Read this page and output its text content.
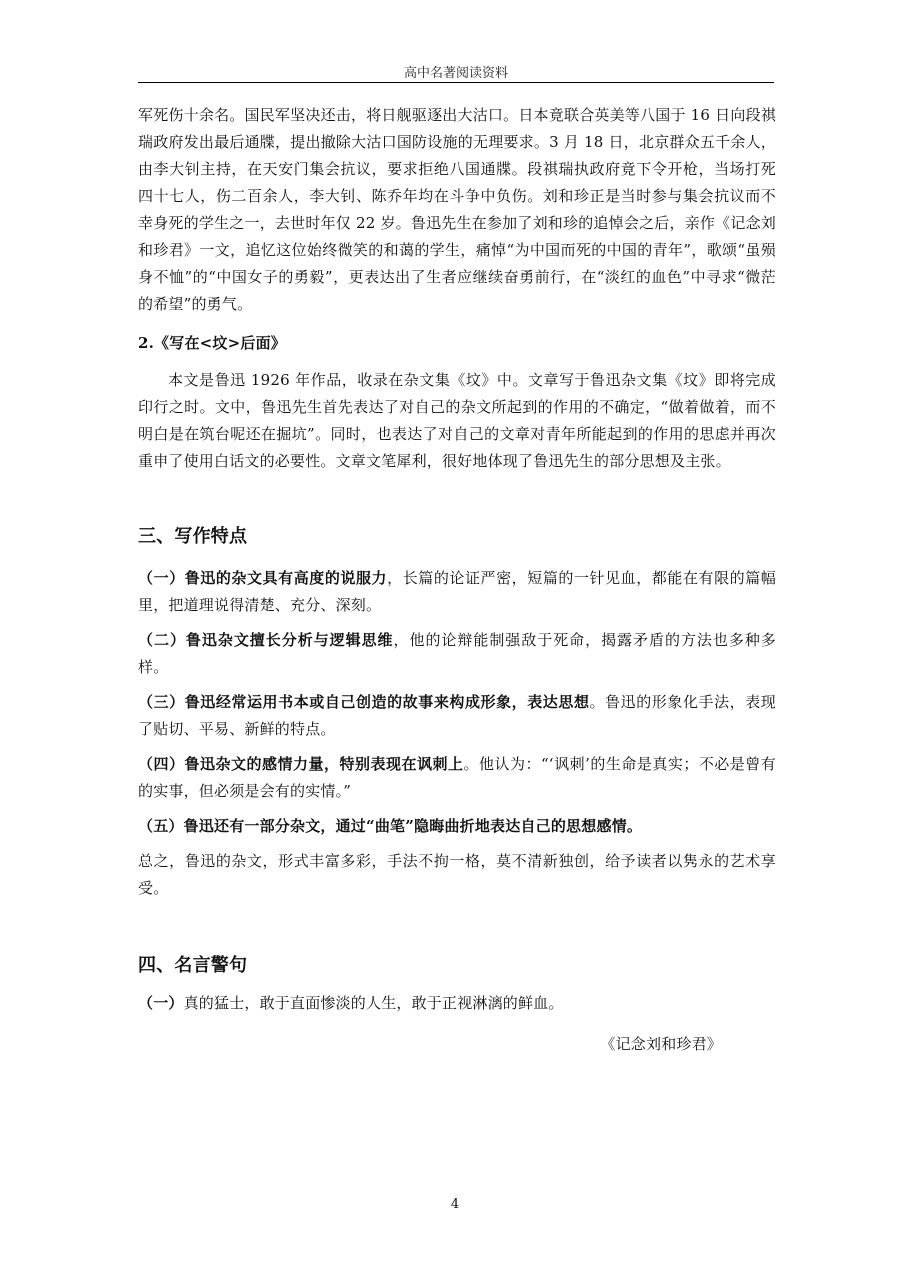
高中名著阅读资料

军死伤十余名。国民军坚决还击，将日舰驱逐出大沽口。日本竟联合英美等八国于 16 日向段祺瑞政府发出最后通牒，提出撤除大沽口国防设施的无理要求。3 月 18 日，北京群众五千余人，由李大钊主持，在天安门集会抗议，要求拒绝八国通牒。段祺瑞执政府竟下令开枪，当场打死四十七人，伤二百余人，李大钊、陈乔年均在斗争中负伤。刘和珍正是当时参与集会抗议而不幸身死的学生之一，去世时年仅 22 岁。鲁迅先生在参加了刘和珍的追悼会之后，亲作《记念刘和珍君》一文，追忆这位始终微笑的和蔼的学生，痛悼“为中国而死的中国的青年”，歌颂“虽殒身不恤”的“中国女子的勇毅”，更表达出了生者应继续奋勇前行，在“淡红的血色”中寻求“微茫的希望”的勇气。

2.《写在<坟>后面》

本文是鲁迅 1926 年作品，收录在杂文集《坟》中。文章写于鲁迅杂文集《坟》即将完成印行之时。文中，鲁迅先生首先表达了对自己的杂文所起到的作用的不确定，“做着做着，而不明白是在筑台呢还在掘坑”。同时，也表达了对自己的文章对青年所能起到的作用的思虑并再次重申了使用白话文的必要性。文章文笔犀利，很好地体现了鲁迅先生的部分思想及主张。

三、写作特点

（一）鲁迅的杂文具有高度的说服力，长篇的论证严密，短篇的一针见血，都能在有限的篇幅里，把道理说得清楚、充分、深刻。

（二）鲁迅杂文擅长分析与逻辑思维，他的论辩能制强敌于死命，揭露矛盾的方法也多种多样。

（三）鲁迅经常运用书本或自己创造的故事来构成形象，表达思想。鲁迅的形象化手法，表现了贴切、平易、新鲜的特点。

（四）鲁迅杂文的感情力量，特别表现在讽刺上。他认为：“‘讽刺’的生命是真实；不必是曾有的实事，但必须是会有的实情。”

（五）鲁迅还有一部分杂文，通过“曲笔”隐晦曲折地表达自己的思想感情。

总之，鲁迅的杂文，形式丰富多彩，手法不拘一格，莫不清新独创，给予读者以隽永的艺术享受。

四、名言警句

（一）真的猛士，敢于直面惨淡的人生，敢于正视淋漓的鲜血。

《记念刘和珍君》

4
